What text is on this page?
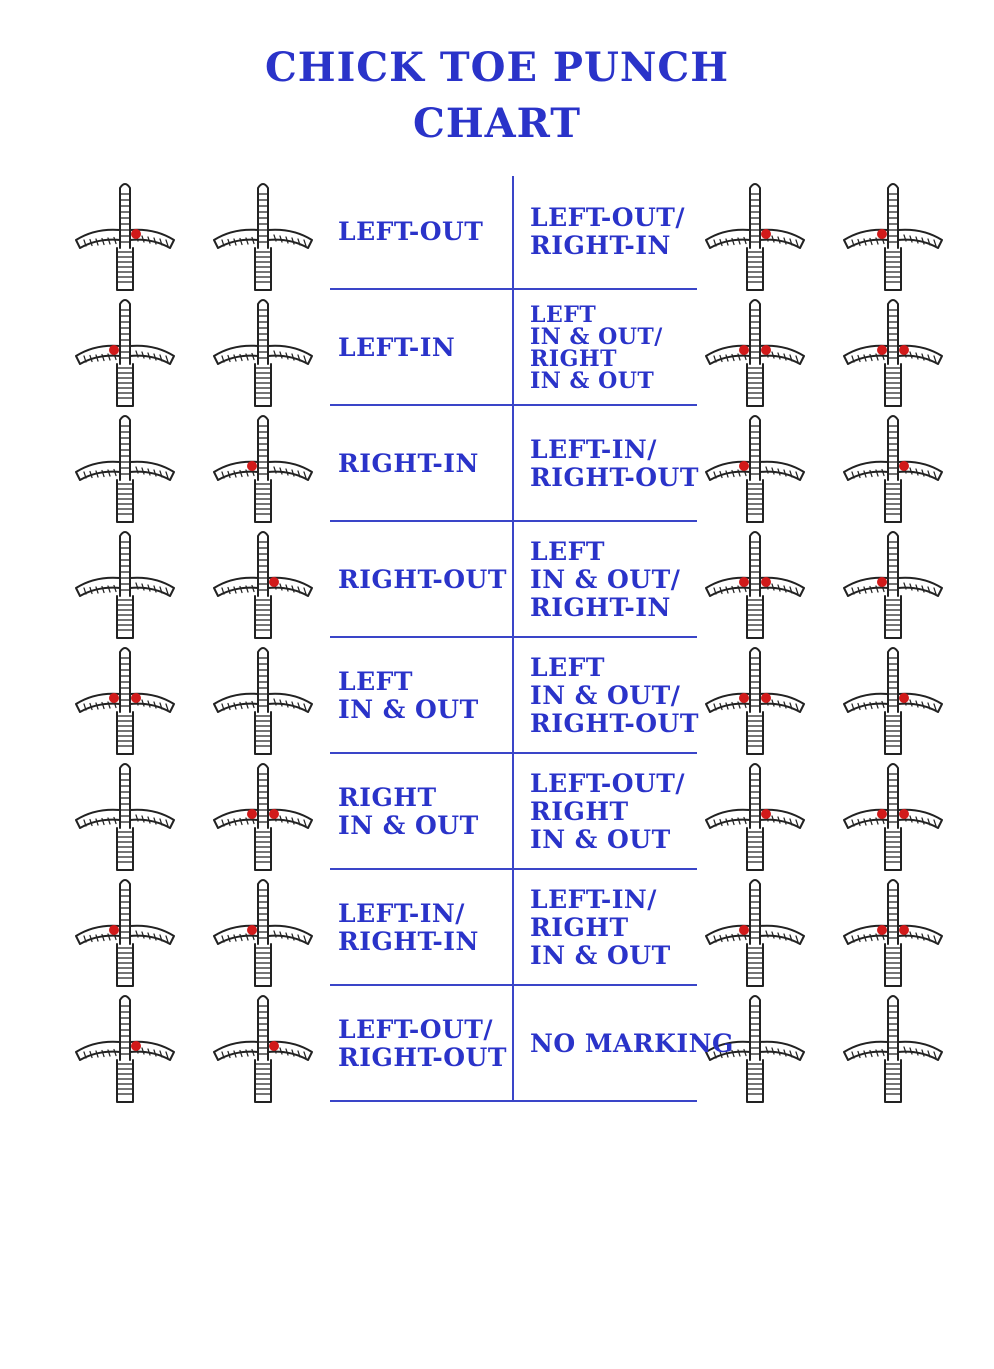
CHICK TOE PUNCH
CHART
LEFT-OUT LEFT-OUT/
RIGHT-IN
LEFT-IN
LEFT
IN & OUT/
RIGHT
IN & OUT
RIGHT-IN LEFT-IN/
RIGHT-OUT
RIGHT-OUT
LEFT
IN & OUT/
RIGHT-IN
LEFT
IN & OUT
LEFT
IN & OUT/
RIGHT-OUT
RIGHT
IN & OUT
LEFT-OUT/
RIGHT
IN & OUT
LEFT-IN/
RIGHT-IN
LEFT-IN/
RIGHT
IN & OUT
LEFT-OUT/
RIGHT-OUT NO MARKING
